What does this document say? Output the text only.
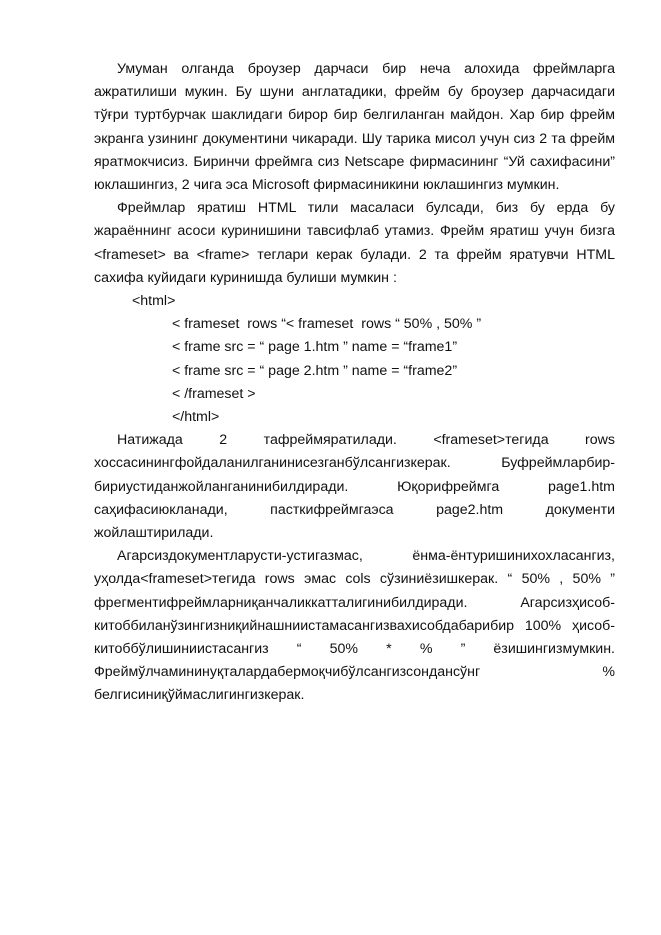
Умуман олганда броузер дарчаси бир неча алохида фреймларга ажратилиши мукин. Бу шуни англатадики, фрейм бу броузер дарчасидаги тўғри туртбурчак шаклидаги бирор бир белгиланган майдон. Хар бир фрейм экранга узининг документини чикаради. Шу тарика мисол учун сиз 2 та фрейм яратмокчисиз. Биринчи фреймга сиз Netscape фирмасининг “Уй сахифасини” юклашингиз, 2 чига эса Microsoft фирмасиникини юклашингиз мумкин.

Фреймлар яратиш HTML тили масаласи булсади, биз бу ерда бу жараённинг асоси куринишини тавсифлаб утамиз. Фрейм яратиш учун бизга <frameset> ва <frame> теглари керак булади. 2 та фрейм яратувчи HTML сахифа куйидаги куринишда булиши мумкин :

<html>

< frameset  rows “< frameset  rows “ 50% , 50% ”

< frame src = “ page 1.htm ” name = “frame1”

< frame src = “ page 2.htm ” name = “frame2”

< /frameset >

</html>

Натижада 2 тафреймяратилади. <frameset>тегида rows хоссасинингфойдаланилганинисезганбўлсангизкерак. Буфреймларбир-бириустиданжойланганинибилдиради. Юқорифреймга page1.htm саҳифасиюкланади, пасткифреймгаэса page2.htm документи жойлаштирилади.

Агарсиздокументларусти-устигазмас, ёнма-ёнтуришинихохласангиз, уҳолда<frameset>тегида rows эмас cols сўзиниёзишкерак. “ 50% , 50% ” фрегментифреймларниқанчаликкатталигинибилдиради. Агарсизҳисоб-китоббиланўзингизниқийнашниистамасангизвахисобдабарибир 100% ҳисоб-китоббўлишиниистасангиз “ 50% * % ” ёзишингизмумкин. Фреймўлчамининуқталардабермоқчибўлсангизсондансўнг % белгисиниқўймаслигингизкерак.
